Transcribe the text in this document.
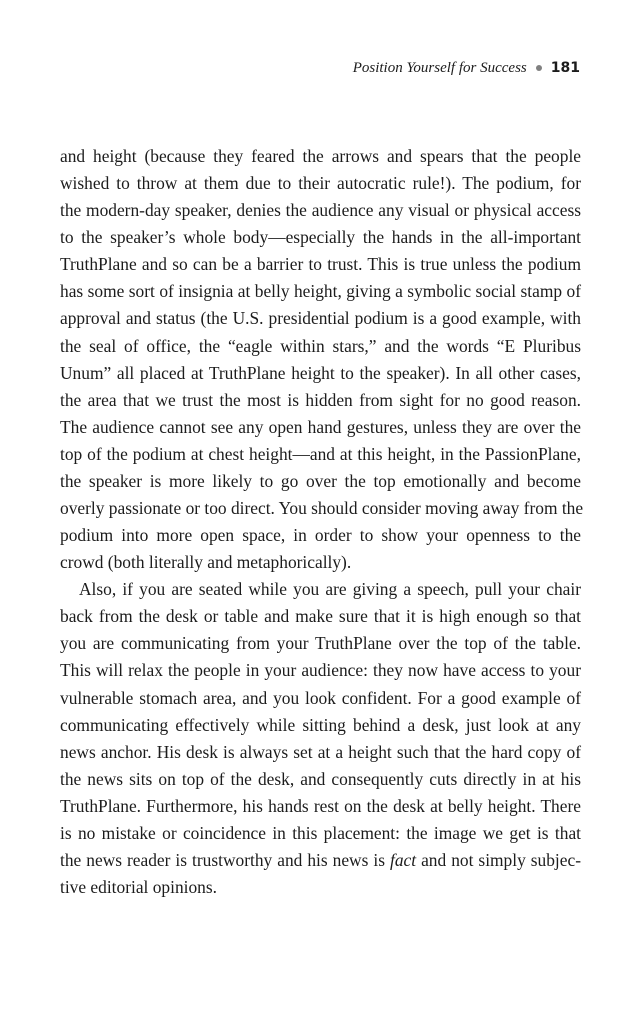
Position Yourself for Success 181
and height (because they feared the arrows and spears that the people
wished to throw at them due to their autocratic rule!). The podium, for
the modern-day speaker, denies the audience any visual or physical access
to the speaker’s whole body—especially the hands in the all-important
TruthPlane and so can be a barrier to trust. This is true unless the podium
has some sort of insignia at belly height, giving a symbolic social stamp of
approval and status (the U.S. presidential podium is a good example, with
the seal of office, the “eagle within stars,” and the words “E Pluribus
Unum” all placed at TruthPlane height to the speaker). In all other cases,
the area that we trust the most is hidden from sight for no good reason.
The audience cannot see any open hand gestures, unless they are over the
top of the podium at chest height—and at this height, in the PassionPlane,
the speaker is more likely to go over the top emotionally and become
overly passionate or too direct. You should consider moving away from the
podium into more open space, in order to show your openness to the
crowd (both literally and metaphorically).
Also, if you are seated while you are giving a speech, pull your chair
back from the desk or table and make sure that it is high enough so that
you are communicating from your TruthPlane over the top of the table.
This will relax the people in your audience: they now have access to your
vulnerable stomach area, and you look confident. For a good example of
communicating effectively while sitting behind a desk, just look at any
news anchor. His desk is always set at a height such that the hard copy of
the news sits on top of the desk, and consequently cuts directly in at his
TruthPlane. Furthermore, his hands rest on the desk at belly height. There
is no mistake or coincidence in this placement: the image we get is that
the news reader is trustworthy and his news is fact and not simply subjec-
tive editorial opinions.
